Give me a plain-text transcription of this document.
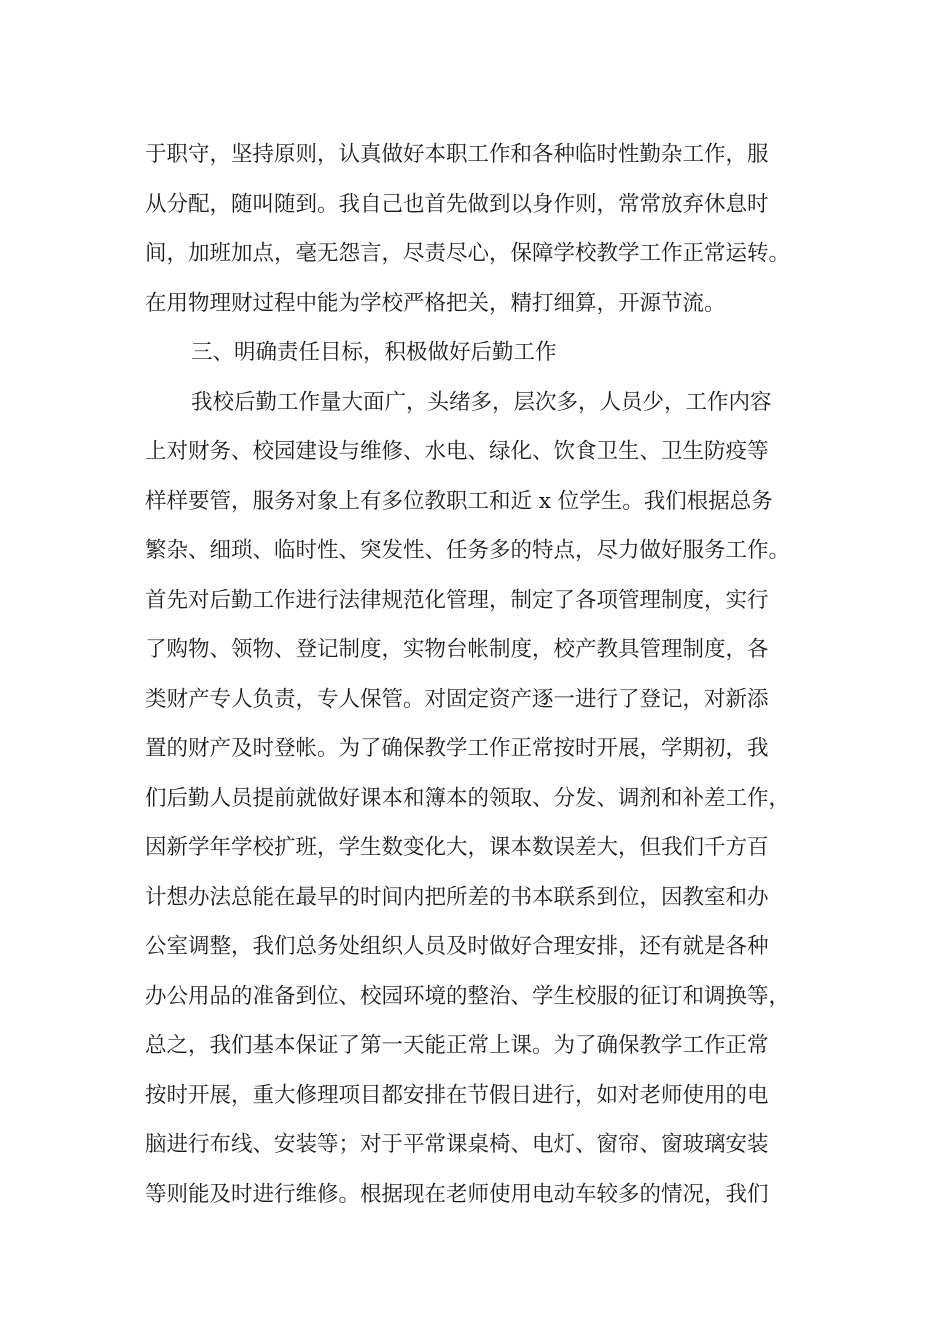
于职守，坚持原则，认真做好本职工作和各种临时性勤杂工作，服
从分配，随叫随到。我自己也首先做到以身作则，常常放弃休息时
间，加班加点，毫无怨言，尽责尽心，保障学校教学工作正常运转。
在用物理财过程中能为学校严格把关，精打细算，开源节流。
三、明确责任目标，积极做好后勤工作
我校后勤工作量大面广，头绪多，层次多，人员少，工作内容
上对财务、校园建设与维修、水电、绿化、饮食卫生、卫生防疫等
样样要管，服务对象上有多位教职工和近 x 位学生。我们根据总务
繁杂、细琐、临时性、突发性、任务多的特点，尽力做好服务工作。
首先对后勤工作进行法律规范化管理，制定了各项管理制度，实行
了购物、领物、登记制度，实物台帐制度，校产教具管理制度，各
类财产专人负责，专人保管。对固定资产逐一进行了登记，对新添
置的财产及时登帐。为了确保教学工作正常按时开展，学期初，我
们后勤人员提前就做好课本和簿本的领取、分发、调剂和补差工作，
因新学年学校扩班，学生数变化大，课本数误差大，但我们千方百
计想办法总能在最早的时间内把所差的书本联系到位，因教室和办
公室调整，我们总务处组织人员及时做好合理安排，还有就是各种
办公用品的准备到位、校园环境的整治、学生校服的征订和调换等，
总之，我们基本保证了第一天能正常上课。为了确保教学工作正常
按时开展，重大修理项目都安排在节假日进行，如对老师使用的电
脑进行布线、安装等；对于平常课桌椅、电灯、窗帘、窗玻璃安装
等则能及时进行维修。根据现在老师使用电动车较多的情况，我们
